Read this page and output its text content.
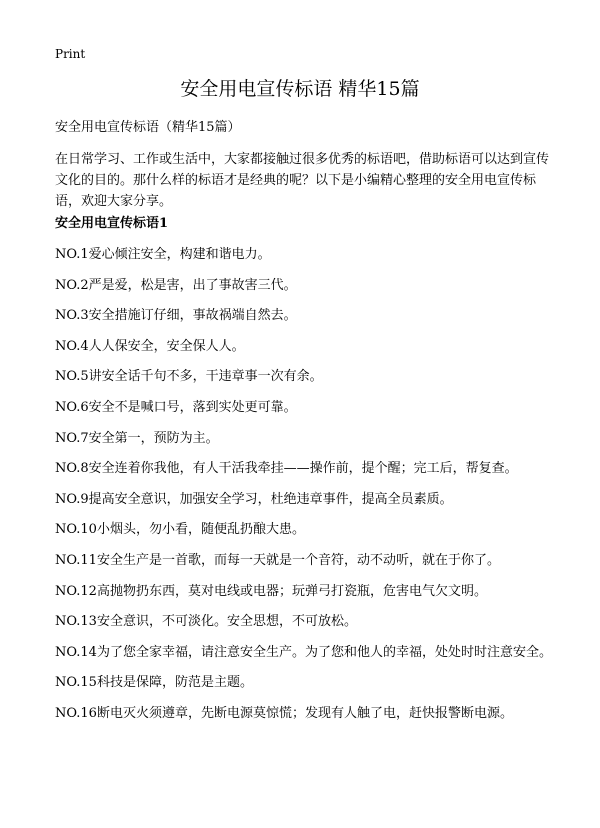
Print
安全用电宣传标语 精华15篇
安全用电宣传标语（精华15篇）
在日常学习、工作或生活中，大家都接触过很多优秀的标语吧，借助标语可以达到宣传文化的目的。那什么样的标语才是经典的呢？以下是小编精心整理的安全用电宣传标语，欢迎大家分享。
安全用电宣传标语1
NO.1爱心倾注安全，构建和谐电力。
NO.2严是爱，松是害，出了事故害三代。
NO.3安全措施订仔细，事故祸端自然去。
NO.4人人保安全，安全保人人。
NO.5讲安全话千句不多，干违章事一次有余。
NO.6安全不是喊口号，落到实处更可靠。
NO.7安全第一，预防为主。
NO.8安全连着你我他，有人干活我牵挂——操作前，提个醒；完工后，帮复查。
NO.9提高安全意识，加强安全学习，杜绝违章事件，提高全员素质。
NO.10小烟头，勿小看，随便乱扔酿大患。
NO.11安全生产是一首歌，而每一天就是一个音符，动不动听，就在于你了。
NO.12高抛物扔东西，莫对电线或电器；玩弹弓打瓷瓶，危害电气欠文明。
NO.13安全意识，不可淡化。安全思想，不可放松。
NO.14为了您全家幸福，请注意安全生产。为了您和他人的幸福，处处时时注意安全。
NO.15科技是保障，防范是主题。
NO.16断电灭火须遵章，先断电源莫惊慌；发现有人触了电，赶快报警断电源。
